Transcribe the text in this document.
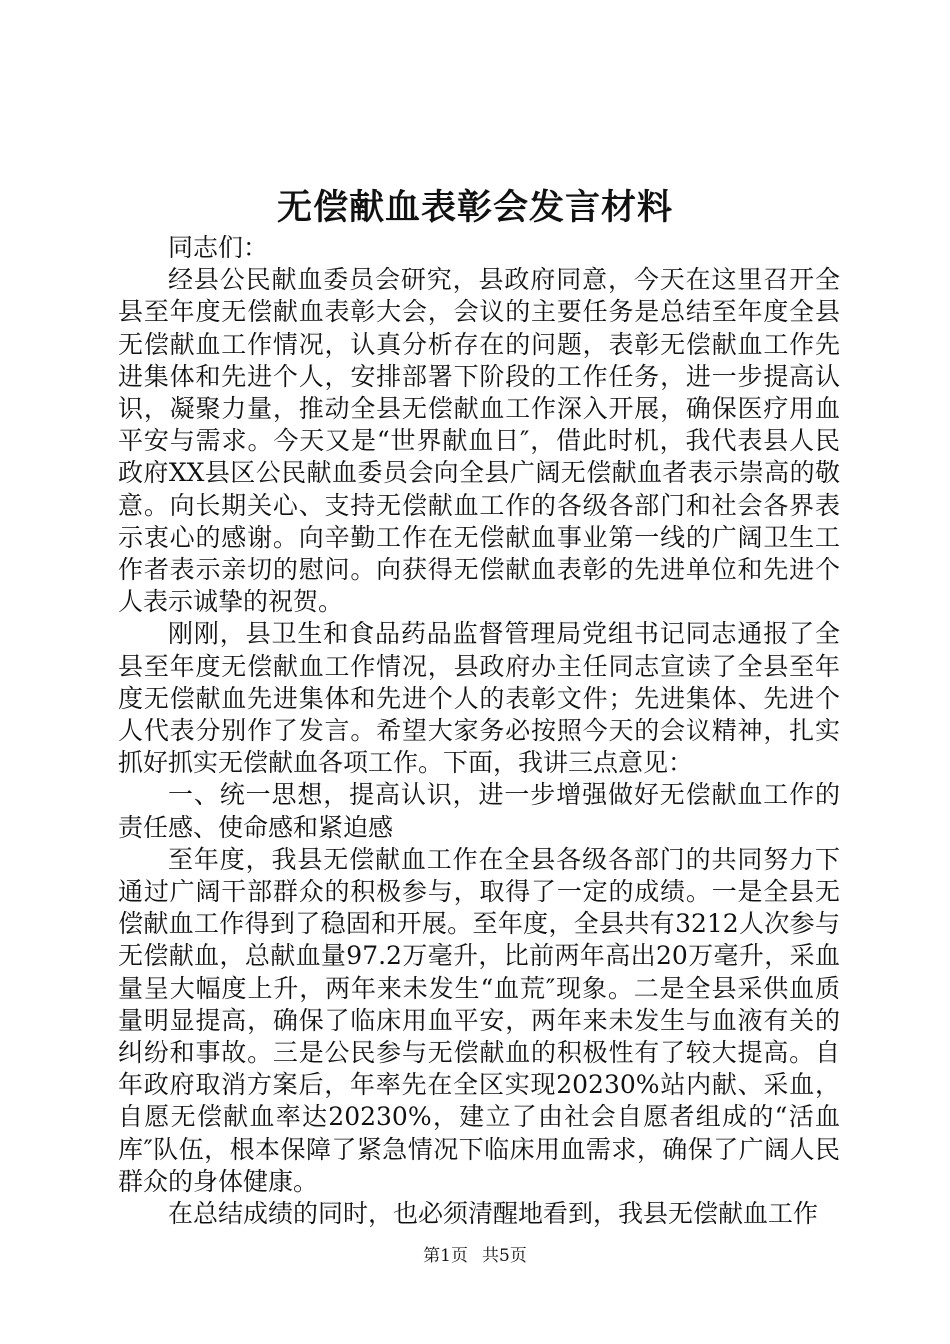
无偿献血表彰会发言材料

同志们：

经县公民献血委员会研究，县政府同意，今天在这里召开全县至年度无偿献血表彰大会，会议的主要任务是总结至年度全县无偿献血工作情况，认真分析存在的问题，表彰无偿献血工作先进集体和先进个人，安排部署下阶段的工作任务，进一步提高认识，凝聚力量，推动全县无偿献血工作深入开展，确保医疗用血平安与需求。今天又是“世界献血日″，借此时机，我代表县人民政府XX县区公民献血委员会向全县广阔无偿献血者表示崇高的敬意。向长期关心、支持无偿献血工作的各级各部门和社会各界表示衷心的感谢。向辛勤工作在无偿献血事业第一线的广阔卫生工作者表示亲切的慰问。向获得无偿献血表彰的先进单位和先进个人表示诚挚的祝贺。

刚刚，县卫生和食品药品监督管理局党组书记同志通报了全县至年度无偿献血工作情况，县政府办主任同志宣读了全县至年度无偿献血先进集体和先进个人的表彰文件；先进集体、先进个人代表分别作了发言。希望大家务必按照今天的会议精神，扎实抓好抓实无偿献血各项工作。下面，我讲三点意见：

一、统一思想，提高认识，进一步增强做好无偿献血工作的责任感、使命感和紧迫感

至年度，我县无偿献血工作在全县各级各部门的共同努力下通过广阔干部群众的积极参与，取得了一定的成绩。一是全县无偿献血工作得到了稳固和开展。至年度，全县共有3212人次参与无偿献血，总献血量97.2万毫升，比前两年高出20万毫升，采血量呈大幅度上升，两年来未发生“血荒″现象。二是全县采供血质量明显提高，确保了临床用血平安，两年来未发生与血液有关的纠纷和事故。三是公民参与无偿献血的积极性有了较大提高。自年政府取消方案后，年率先在全区实现20230%站内献、采血，自愿无偿献血率达20230%，建立了由社会自愿者组成的“活血库″队伍，根本保障了紧急情况下临床用血需求，确保了广阔人民群众的身体健康。

在总结成绩的同时，也必须清醒地看到，我县无偿献血工作

第1页 共5页
